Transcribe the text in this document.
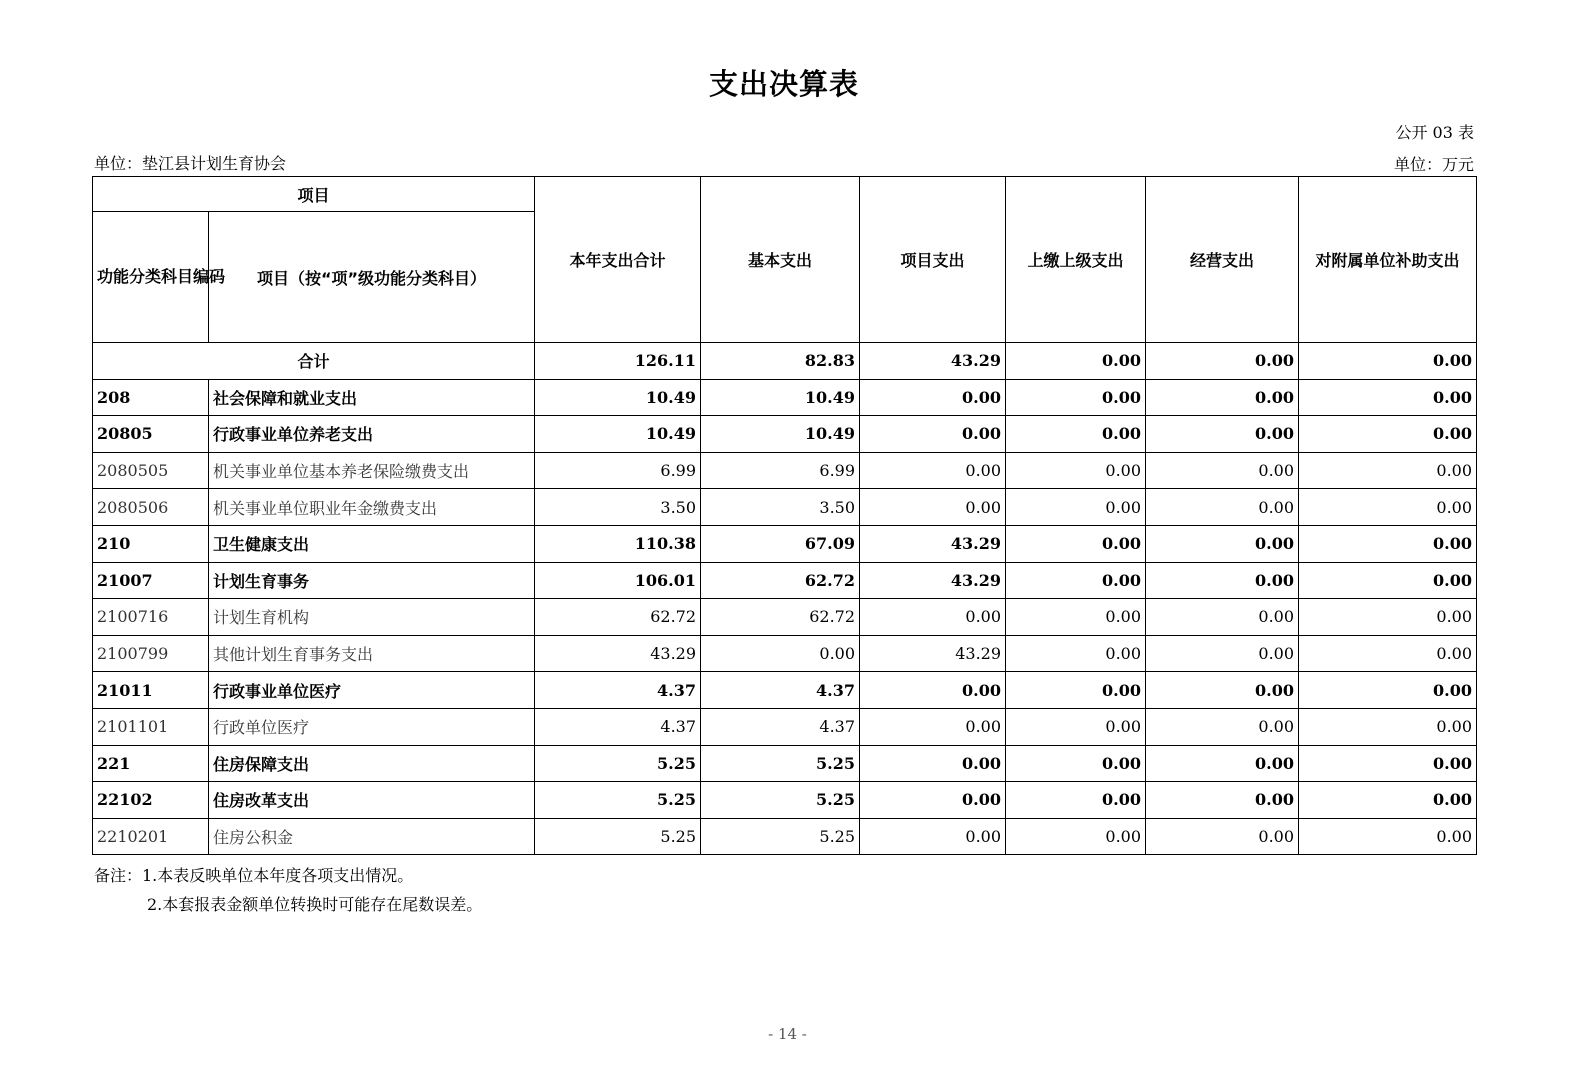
支出决算表
公开 03 表
单位：垫江县计划生育协会	单位：万元
项目		本年支出合计	基本支出	项目支出	上缴上级支出	经营支出	对附属单位补助支出
功能分类科目编码	项目（按“项”级功能分类科目）						
合计		126.11	82.83	43.29	0.00	0.00	0.00
208	社会保障和就业支出	10.49	10.49	0.00	0.00	0.00	0.00
20805	行政事业单位养老支出	10.49	10.49	0.00	0.00	0.00	0.00
2080505	机关事业单位基本养老保险缴费支出	6.99	6.99	0.00	0.00	0.00	0.00
2080506	机关事业单位职业年金缴费支出	3.50	3.50	0.00	0.00	0.00	0.00
210	卫生健康支出	110.38	67.09	43.29	0.00	0.00	0.00
21007	计划生育事务	106.01	62.72	43.29	0.00	0.00	0.00
2100716	计划生育机构	62.72	62.72	0.00	0.00	0.00	0.00
2100799	其他计划生育事务支出	43.29	0.00	43.29	0.00	0.00	0.00
21011	行政事业单位医疗	4.37	4.37	0.00	0.00	0.00	0.00
2101101	行政单位医疗	4.37	4.37	0.00	0.00	0.00	0.00
221	住房保障支出	5.25	5.25	0.00	0.00	0.00	0.00
22102	住房改革支出	5.25	5.25	0.00	0.00	0.00	0.00
2210201	住房公积金	5.25	5.25	0.00	0.00	0.00	0.00
备注：1.本表反映单位本年度各项支出情况。
2.本套报表金额单位转换时可能存在尾数误差。
- 14 -
